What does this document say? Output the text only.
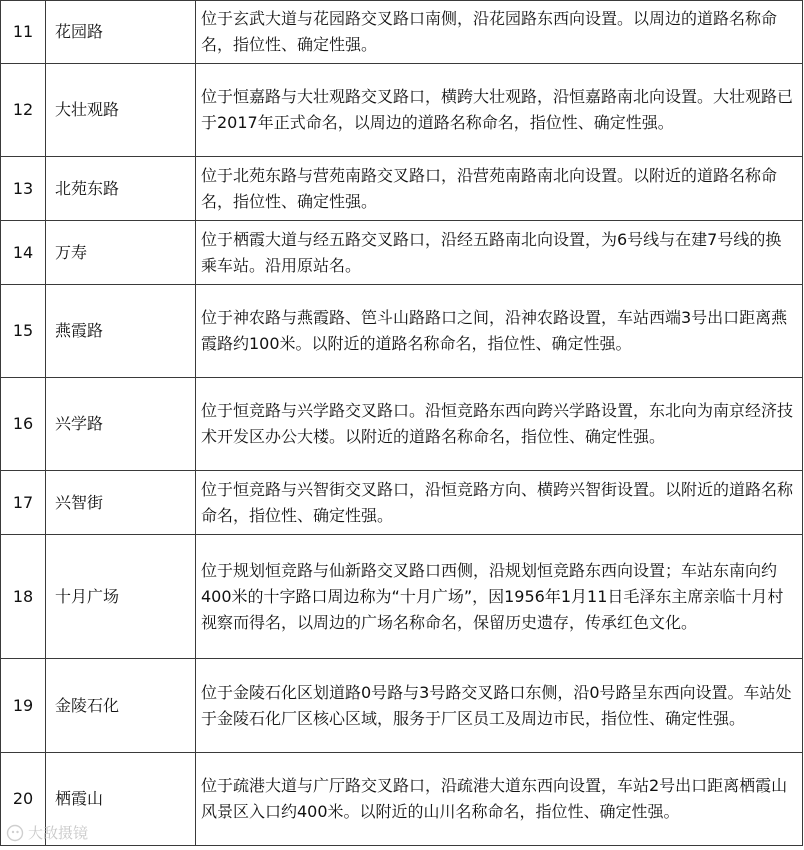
11	花园路	位于玄武大道与花园路交叉路口南侧，沿花园路东西向设置。以周边的道路名称命名，指位性、确定性强。
12	大壮观路	位于恒嘉路与大壮观路交叉路口，横跨大壮观路，沿恒嘉路南北向设置。大壮观路已于2017年正式命名，以周边的道路名称命名，指位性、确定性强。
13	北苑东路	位于北苑东路与营苑南路交叉路口，沿营苑南路南北向设置。以附近的道路名称命名，指位性、确定性强。
14	万寿	位于栖霞大道与经五路交叉路口，沿经五路南北向设置，为6号线与在建7号线的换乘车站。沿用原站名。
15	燕霞路	位于神农路与燕霞路、笆斗山路路口之间，沿神农路设置，车站西端3号出口距离燕霞路约100米。以附近的道路名称命名，指位性、确定性强。
16	兴学路	位于恒竞路与兴学路交叉路口。沿恒竞路东西向跨兴学路设置，东北向为南京经济技术开发区办公大楼。以附近的道路名称命名，指位性、确定性强。
17	兴智街	位于恒竞路与兴智街交叉路口，沿恒竞路方向、横跨兴智街设置。以附近的道路名称命名，指位性、确定性强。
18	十月广场	位于规划恒竞路与仙新路交叉路口西侧，沿规划恒竞路东西向设置；车站东南向约400米的十字路口周边称为“十月广场”，因1956年1月11日毛泽东主席亲临十月村视察而得名，以周边的广场名称命名，保留历史遗存，传承红色文化。
19	金陵石化	位于金陵石化区划道路0号路与3号路交叉路口东侧，沿0号路呈东西向设置。车站处于金陵石化厂区核心区域，服务于厂区员工及周边市民，指位性、确定性强。
20	栖霞山	位于疏港大道与广厅路交叉路口，沿疏港大道东西向设置，车站2号出口距离栖霞山风景区入口约400米。以附近的山川名称命名，指位性、确定性强。
大敌摄镜
